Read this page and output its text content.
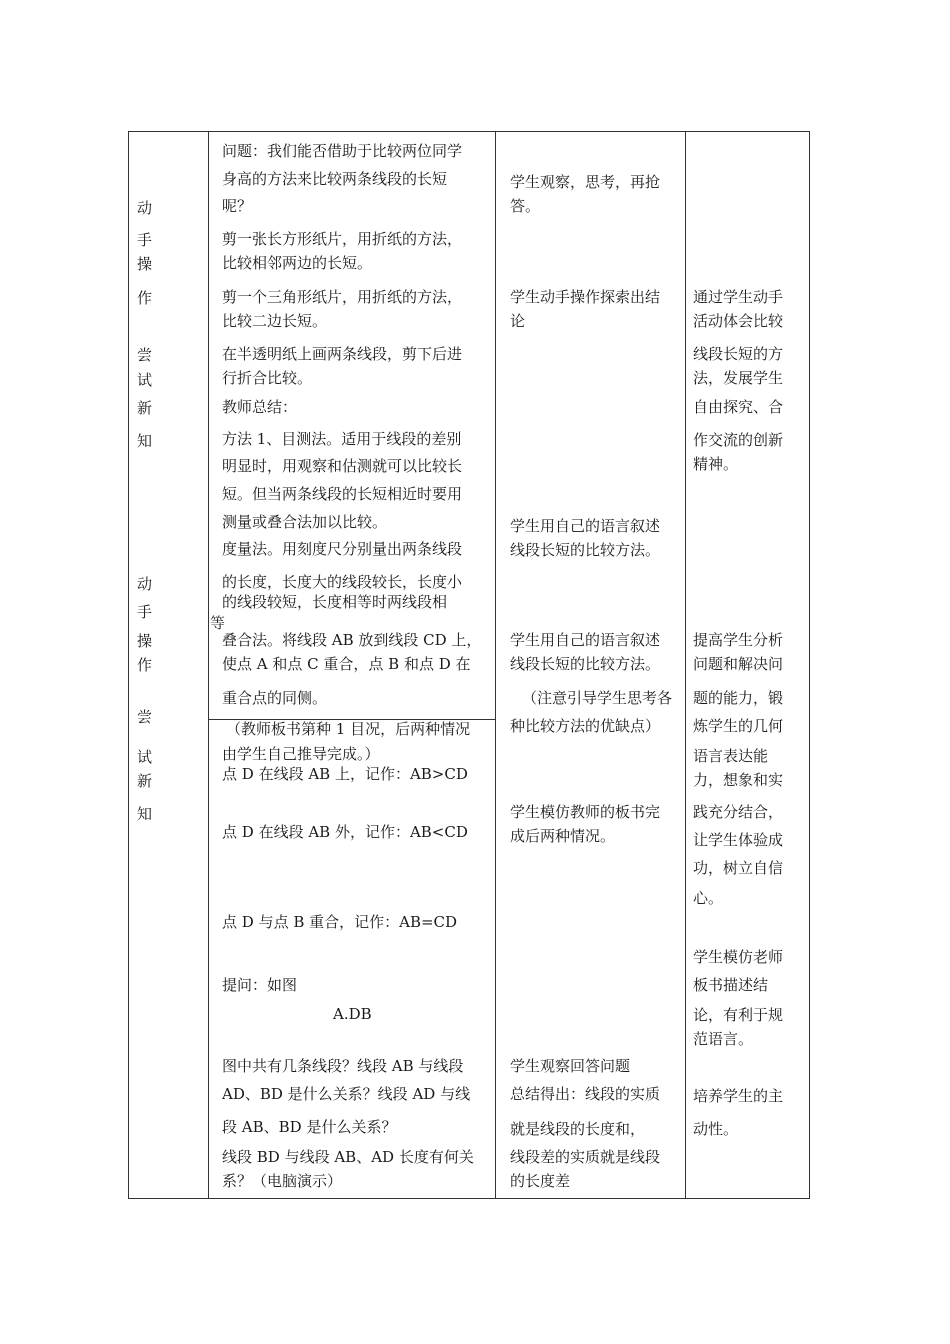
动
手
操
作
尝
试
新
知
动
手
操
作
尝
试
新
知
问题：我们能否借助于比较两位同学
身高的方法来比较两条线段的长短
呢？
剪一张长方形纸片，用折纸的方法，
比较相邻两边的长短。
剪一个三角形纸片，用折纸的方法，
比较二边长短。
在半透明纸上画两条线段，剪下后进
行折合比较。
教师总结：
方法 1、目测法。适用于线段的差别
明显时，用观察和估测就可以比较长
短。但当两条线段的长短相近时要用
测量或叠合法加以比较。
度量法。用刻度尺分别量出两条线段
的长度，长度大的线段较长，长度小
的线段较短，长度相等时两线段相
等
叠合法。将线段 AB 放到线段 CD 上，
使点 A 和点 C 重合，点 B 和点 D 在
重合点的同侧。
（教师板书第种 1 目况，后两种情况
由学生自己推导完成。）
点 D 在线段 AB 上，记作：AB>CD
点 D 在线段 AB 外，记作：AB<CD
点 D 与点 B 重合，记作：AB=CD
提问：如图
A.DB
图中共有几条线段？线段 AB 与线段
AD、BD 是什么关系？线段 AD 与线
段 AB、BD 是什么关系？
线段 BD 与线段 AB、AD 长度有何关
系？（电脑演示）
学生观察，思考，再抢
答。
学生动手操作探索出结
论
学生用自己的语言叙述
线段长短的比较方法。
学生用自己的语言叙述
线段长短的比较方法。
（注意引导学生思考各
种比较方法的优缺点）
学生模仿教师的板书完
成后两种情况。
学生观察回答问题
总结得出：线段的实质
就是线段的长度和，
线段差的实质就是线段
的长度差
通过学生动手
活动体会比较
线段长短的方
法，发展学生
自由探究、合
作交流的创新
精神。
提高学生分析
问题和解决问
题的能力，锻
炼学生的几何
语言表达能
力，想象和实
践充分结合，
让学生体验成
功，树立自信
心。
学生模仿老师
板书描述结
论，有利于规
范语言。
培养学生的主
动性。
